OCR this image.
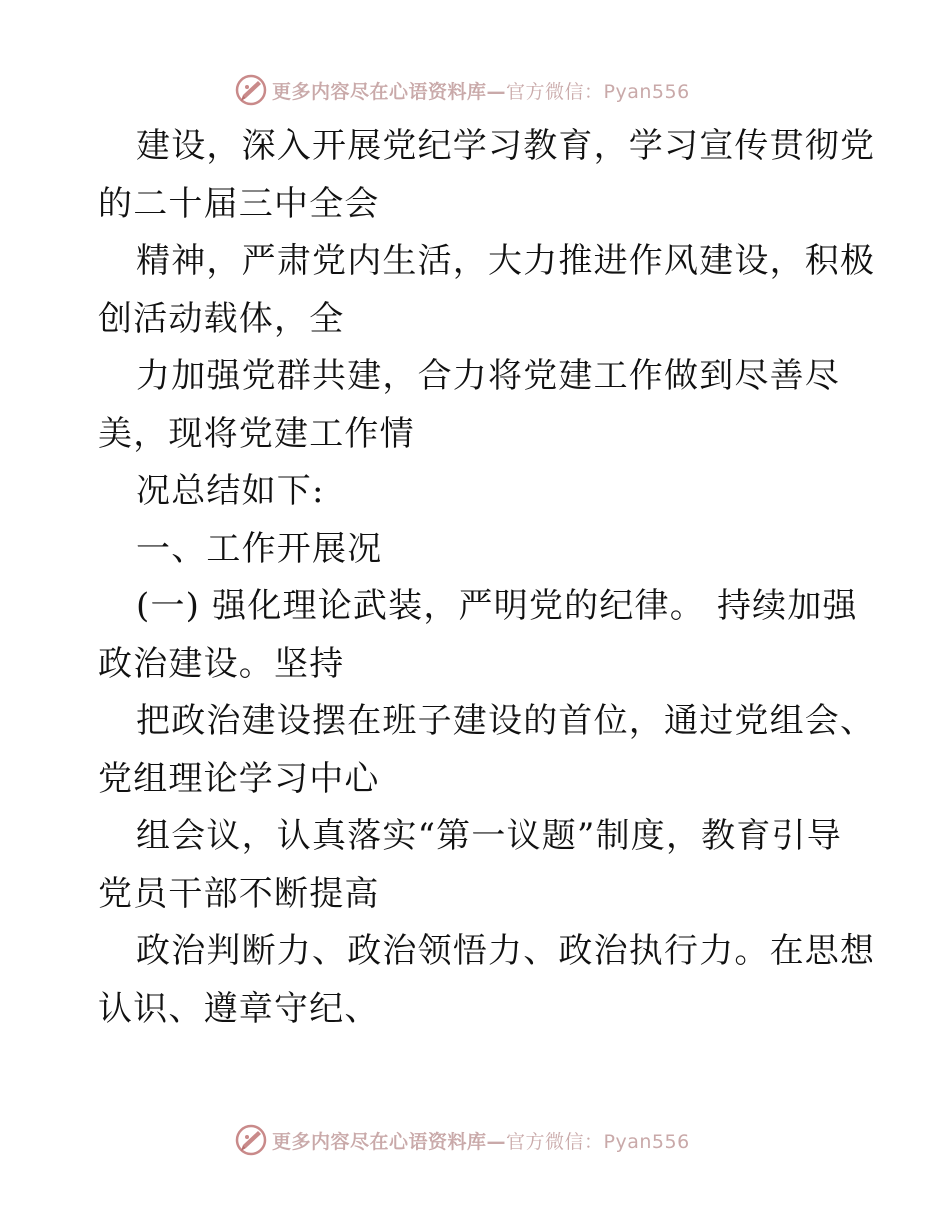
更多内容尽在心语资料库— 官方微信：Pyan556

建设，深入开展党纪学习教育，学习宣传贯彻党
的二十届三中全会

精神，严肃党内生活，大力推进作风建设，积极
创活动载体，全

力加强党群共建，合力将党建工作做到尽善尽
美，现将党建工作情

况总结如下:

一、工作开展况

(一) 强化理论武装，严明党的纪律。 持续加强
政治建设。坚持

把政治建设摆在班子建设的首位，通过党组会、
党组理论学习中心

组会议，认真落实“第一议题”制度，教育引导
党员干部不断提高

政治判断力、政治领悟力、政治执行力。在思想
认识、遵章守纪、

更多内容尽在心语资料库— 官方微信：Pyan556
